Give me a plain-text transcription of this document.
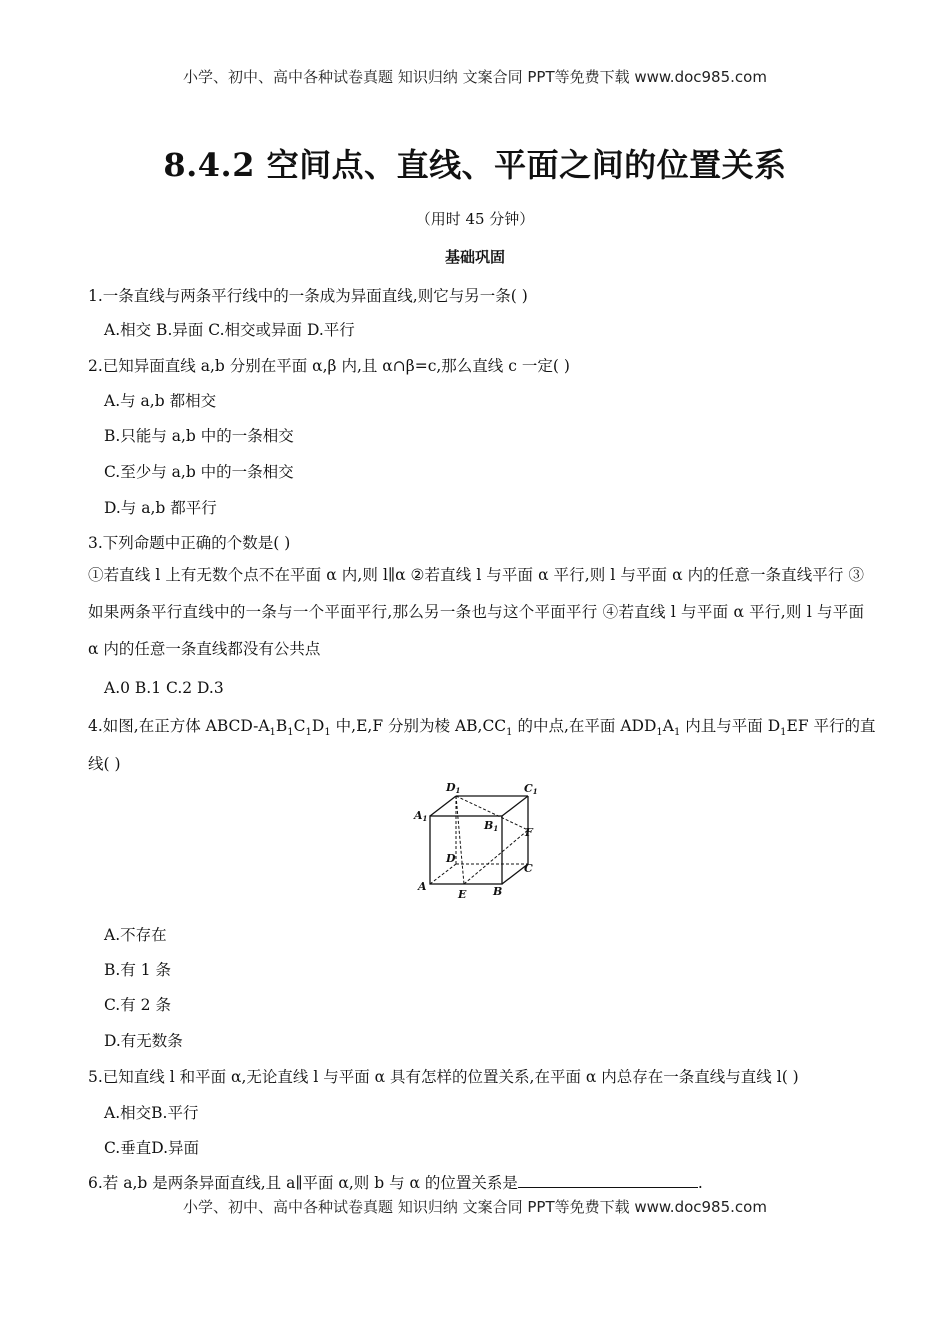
小学、初中、高中各种试卷真题 知识归纳 文案合同 PPT等免费下载 www.doc985.com
8.4.2 空间点、直线、平面之间的位置关系
（用时 45 分钟）
基础巩固
1.一条直线与两条平行线中的一条成为异面直线,则它与另一条( )
A.相交 B.异面 C.相交或异面 D.平行
2.已知异面直线 a,b 分别在平面 α,β 内,且 α∩β=c,那么直线 c 一定( )
A.与 a,b 都相交
B.只能与 a,b 中的一条相交
C.至少与 a,b 中的一条相交
D.与 a,b 都平行
3.下列命题中正确的个数是( )
①若直线 l 上有无数个点不在平面 α 内,则 l∥α ②若直线 l 与平面 α 平行,则 l 与平面 α 内的任意一条直线平行 ③如果两条平行直线中的一条与一个平面平行,那么另一条也与这个平面平行 ④若直线 l 与平面 α 平行,则 l 与平面 α 内的任意一条直线都没有公共点
A.0 B.1 C.2 D.3
4.如图,在正方体 ABCD-$A_1B_1C_1D_1$ 中,E,F 分别为棱 $AB,CC_1$ 的中点,在平面 $ADD_1A_1$ 内且与平面 $D_1EF$ 平行的直
线( )
D1	C1
A1
B1 F
D
C
A
E B
A.不存在
B.有 1 条
C.有 2 条
D.有无数条
5.已知直线 l 和平面 α,无论直线 l 与平面 α 具有怎样的位置关系,在平面 α 内总存在一条直线与直线 l( )
A.相交B.平行
C.垂直D.异面
6.若 a,b 是两条异面直线,且 a∥平面 α,则 b 与 α 的位置关系是	.
小学、初中、高中各种试卷真题 知识归纳 文案合同 PPT等免费下载 www.doc985.com
